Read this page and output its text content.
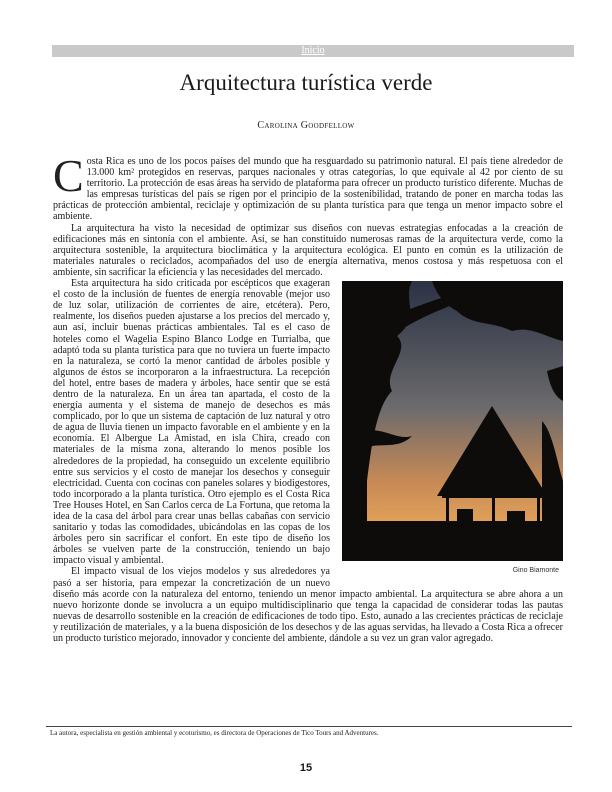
Inicio
Arquitectura turística verde
Carolina Goodfellow

Costa Rica es uno de los pocos países del mundo que ha resguardado su patrimonio natural. El país tiene alrededor de 13.000 km² protegidos en reservas, parques nacionales y otras categorías, lo que equivale al 42 por ciento de su territorio. La protección de esas áreas ha servido de plataforma para ofrecer un producto turístico diferente. Muchas de las empresas turísticas del país se rigen por el principio de la sostenibilidad, tratando de poner en marcha todas las prácticas de protección ambiental, reciclaje y optimización de su planta turística para que tenga un menor impacto sobre el ambiente.

La arquitectura ha visto la necesidad de optimizar sus diseños con nuevas estrategias enfocadas a la creación de edificaciones más en sintonía con el ambiente. Así, se han constituido numerosas ramas de la arquitectura verde, como la arquitectura sostenible, la arquitectura bioclimática y la arquitectura ecológica. El punto en común es la utilización de materiales naturales o reciclados, acompañados del uso de energía alternativa, menos costosa y más respetuosa con el ambiente, sin sacrificar la eficiencia y las necesidades del mercado.

Gino Biamonte
Esta arquitectura ha sido criticada por escépticos que exageran el costo de la inclusión de fuentes de energía renovable (mejor uso de luz solar, utilización de corrientes de aire, etcétera). Pero, realmente, los diseños pueden ajustarse a los precios del mercado y, aun así, incluir buenas prácticas ambientales. Tal es el caso de hoteles como el Wagelia Espino Blanco Lodge en Turrialba, que adaptó toda su planta turística para que no tuviera un fuerte impacto en la naturaleza, se cortó la menor cantidad de árboles posible y algunos de éstos se incorporaron a la infraestructura. La recepción del hotel, entre bases de madera y árboles, hace sentir que se está dentro de la naturaleza. En un área tan apartada, el costo de la energía aumenta y el sistema de manejo de desechos es más complicado, por lo que un sistema de captación de luz natural y otro de agua de lluvia tienen un impacto favorable en el ambiente y en la economía. El Albergue La Amistad, en isla Chira, creado con materiales de la misma zona, alterando lo menos posible los alrededores de la propiedad, ha conseguido un excelente equilibrio entre sus servicios y el costo de manejar los desechos y conseguir electricidad. Cuenta con cocinas con paneles solares y biodigestores, todo incorporado a la planta turística. Otro ejemplo es el Costa Rica Tree Houses Hotel, en San Carlos cerca de La Fortuna, que retoma la idea de la casa del árbol para crear unas bellas cabañas con servicio sanitario y todas las comodidades, ubicándolas en las copas de los árboles pero sin sacrificar el confort. En este tipo de diseño los árboles se vuelven parte de la construcción, teniendo un bajo impacto visual y ambiental.

El impacto visual de los viejos modelos y sus alrededores ya pasó a ser historia, para empezar la concretización de un nuevo diseño más acorde con la naturaleza del entorno, teniendo un menor impacto ambiental. La arquitectura se abre ahora a un nuevo horizonte donde se involucra a un equipo multidisciplinario que tenga la capacidad de considerar todas las pautas nuevas de desarrollo sostenible en la creación de edificaciones de todo tipo. Esto, aunado a las crecientes prácticas de reciclaje y reutilización de materiales, y a la buena disposición de los desechos y de las aguas servidas, ha llevado a Costa Rica a ofrecer un producto turístico mejorado, innovador y conciente del ambiente, dándole a su vez un gran valor agregado.

La autora, especialista en gestión ambiental y ecoturismo, es directora de Operaciones de Tico Tours and Adventures.
15
